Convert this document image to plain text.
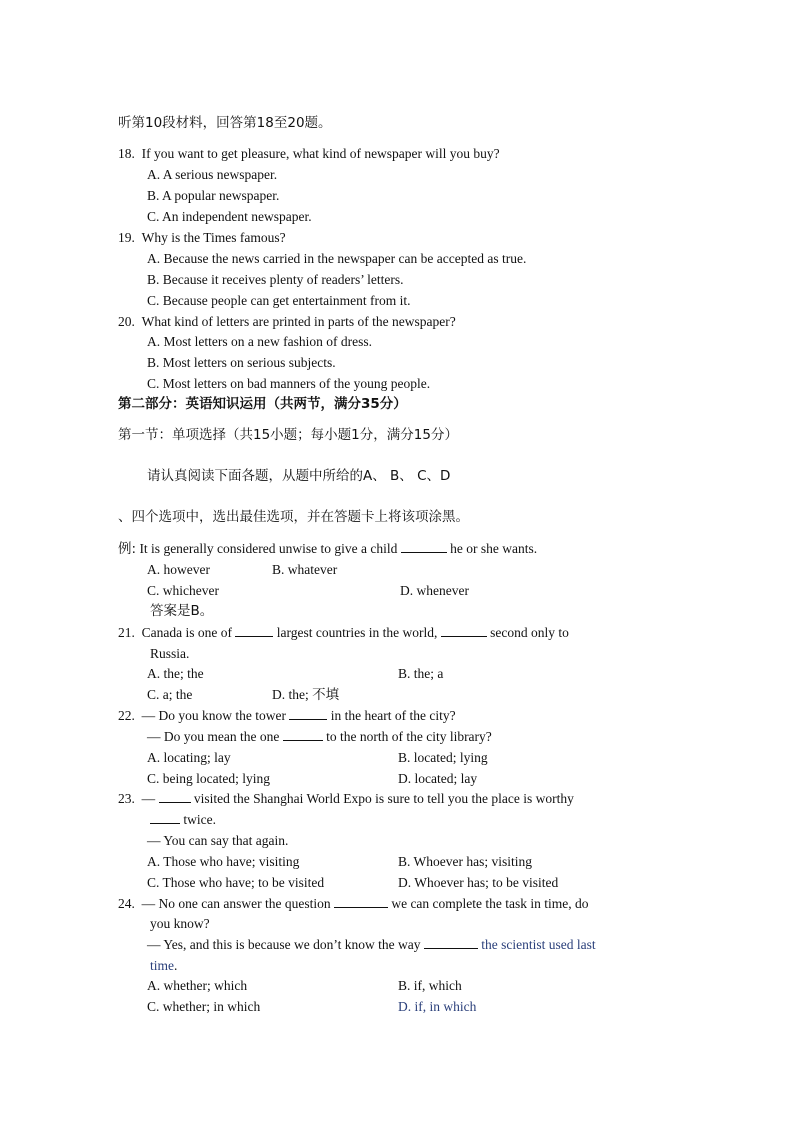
听第10段材料，回答第18至20题。
18. If you want to get pleasure, what kind of newspaper will you buy?
A. A serious newspaper.
B. A popular newspaper.
C. An independent newspaper.
19. Why is the Times famous?
A. Because the news carried in the newspaper can be accepted as true.
B. Because it receives plenty of readers’ letters.
C. Because people can get entertainment from it.
20. What kind of letters are printed in parts of the newspaper?
A. Most letters on a new fashion of dress.
B. Most letters on serious subjects.
C. Most letters on bad manners of the young people.
第二部分：英语知识运用（共两节，满分35分）
第一节：单项选择（共15小题；每小题1分，满分15分）
请认真阅读下面各题，从题中所给的A、 B、 C、D
、四个选项中，选出最佳选项，并在答题卡上将该项涂黑。
例: It is generally considered unwise to give a child	he or she wants.
A. however	B. whatever
C. whichever	D. whenever
答案是B。
21. Canada is one of	largest countries in the world,	second only to
Russia.
A. the; the	B. the; a
C. a; the	D. the; 不填
22. — Do you know the tower	in the heart of the city?
— Do you mean the one	to the north of the city library?
A. locating; lay	B. located; lying
C. being located; lying	D. located; lay
23. —	visited the Shanghai World Expo is sure to tell you the place is worthy
twice.
— You can say that again.
A. Those who have; visiting	B. Whoever has; visiting
C. Those who have; to be visited	D. Whoever has; to be visited
24. — No one can answer the question	we can complete the task in time, do
you know?
— Yes, and this is because we don’t know the way	the scientist used last
time.
A. whether; which	B. if, which
C. whether; in which	D. if, in which
